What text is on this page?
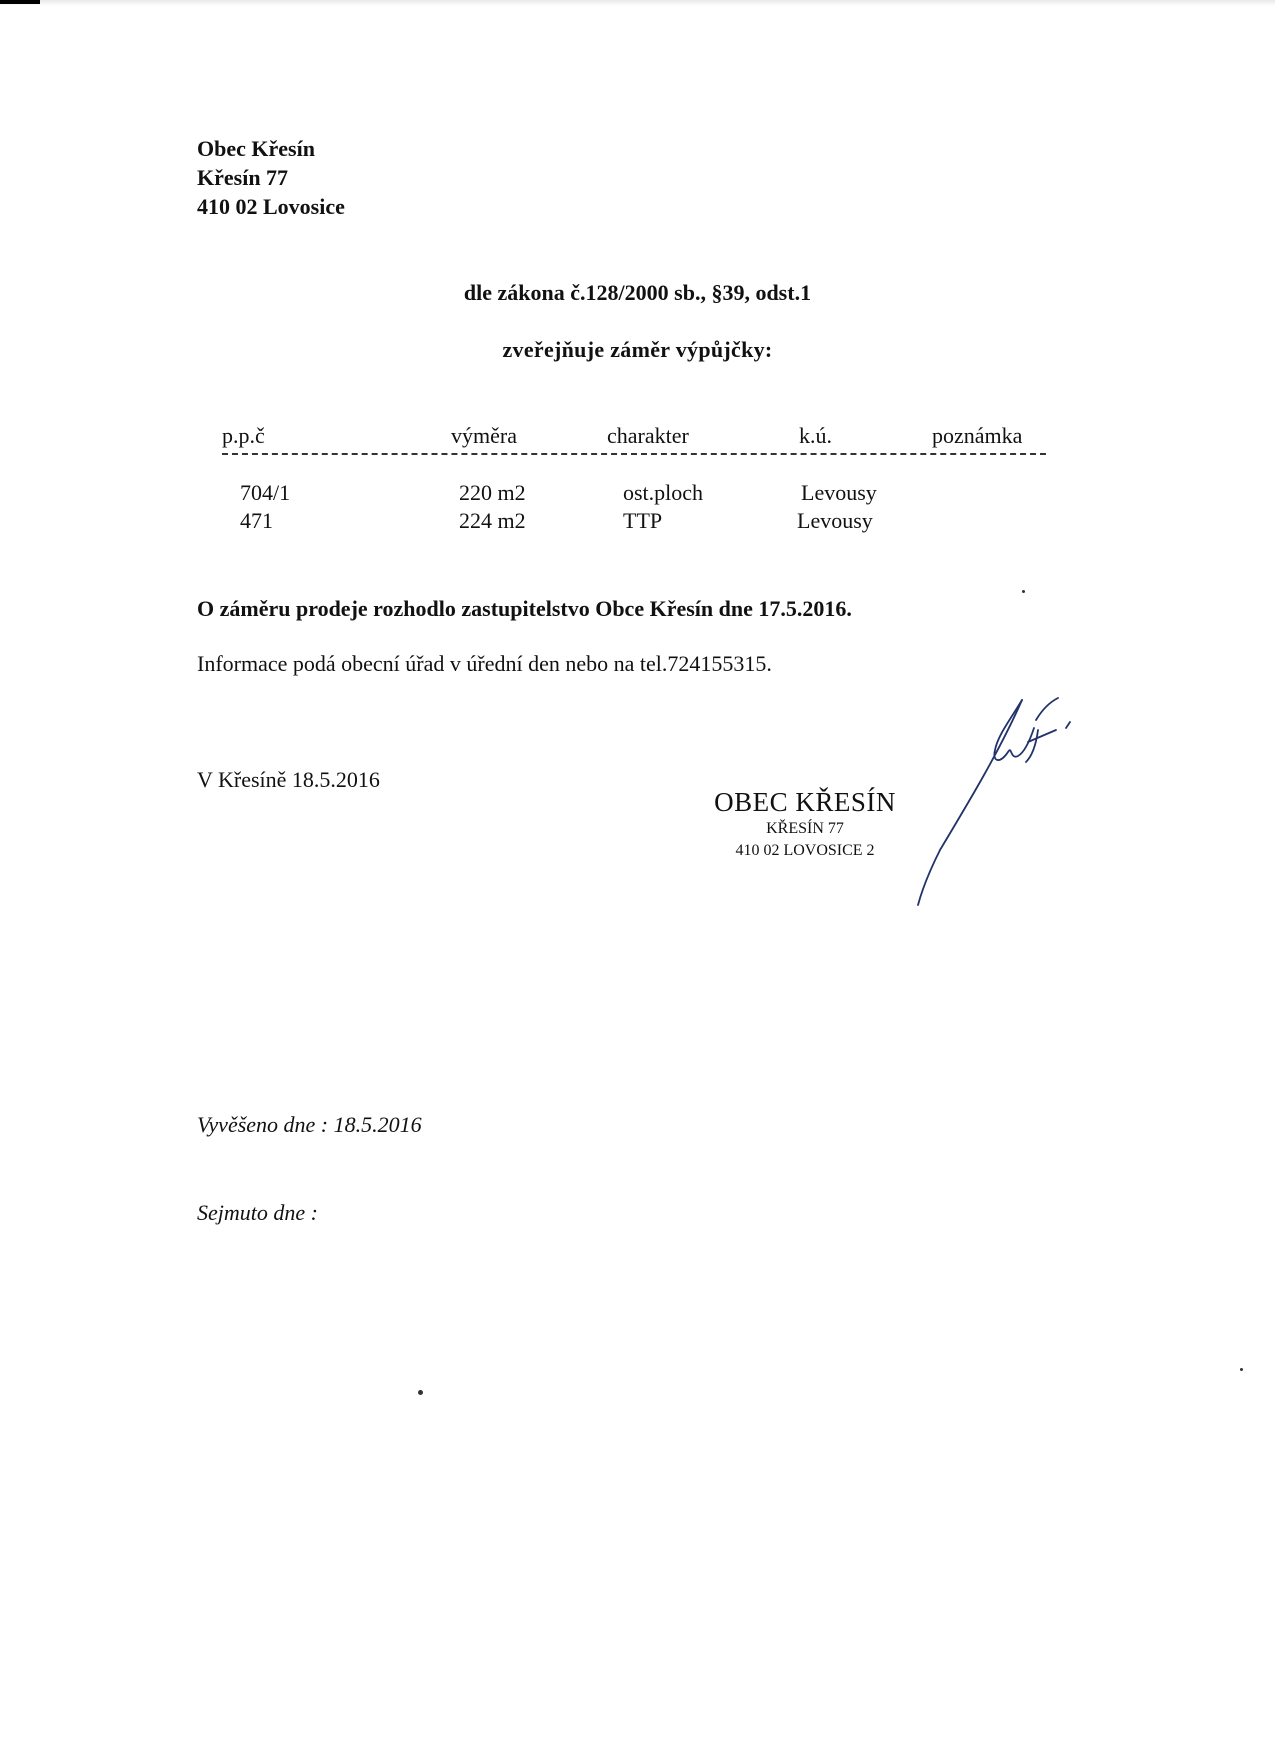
Obec Křesín
Křesín 77
410 02 Lovosice
dle zákona č.128/2000 sb., §39, odst.1
zveřejňuje záměr výpůjčky:
p.p.č	výměra	charakter	k.ú.	poznámka
704/1	220 m2	ost.ploch	Levousy
471	224 m2	TTP	Levousy
O záměru prodeje rozhodlo zastupitelstvo Obce Křesín dne 17.5.2016.
Informace podá obecní úřad v úřední den nebo na tel.724155315.
V Křesíně 18.5.2016
OBEC KŘESÍN
KŘESÍN 77
410 02 LOVOSICE 2
Vyvěšeno dne : 18.5.2016
Sejmuto dne :
